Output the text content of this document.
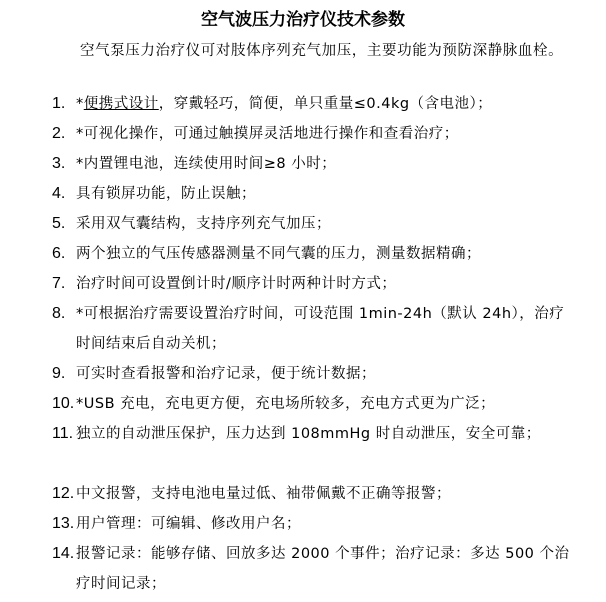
空气波压力治疗仪技术参数

空气泵压力治疗仪可对肢体序列充气加压，主要功能为预防深静脉血栓。

1. *便携式设计，穿戴轻巧，简便，单只重量≤0.4kg（含电池）；
2. *可视化操作，可通过触摸屏灵活地进行操作和查看治疗；
3. *内置锂电池，连续使用时间≥8 小时；
4. 具有锁屏功能，防止误触；
5. 采用双气囊结构，支持序列充气加压；
6. 两个独立的气压传感器测量不同气囊的压力，测量数据精确；
7. 治疗时间可设置倒计时/顺序计时两种计时方式；
8. *可根据治疗需要设置治疗时间，可设范围 1min-24h（默认 24h），治疗时间结束后自动关机；
9. 可实时查看报警和治疗记录，便于统计数据；
10. *USB 充电，充电更方便，充电场所较多，充电方式更为广泛；
11. 独立的自动泄压保护，压力达到 108mmHg 时自动泄压，安全可靠；
12. 中文报警，支持电池电量过低、袖带佩戴不正确等报警；
13. 用户管理：可编辑、修改用户名；
14. 报警记录：能够存储、回放多达 2000 个事件；治疗记录：多达 500 个治疗时间记录；
